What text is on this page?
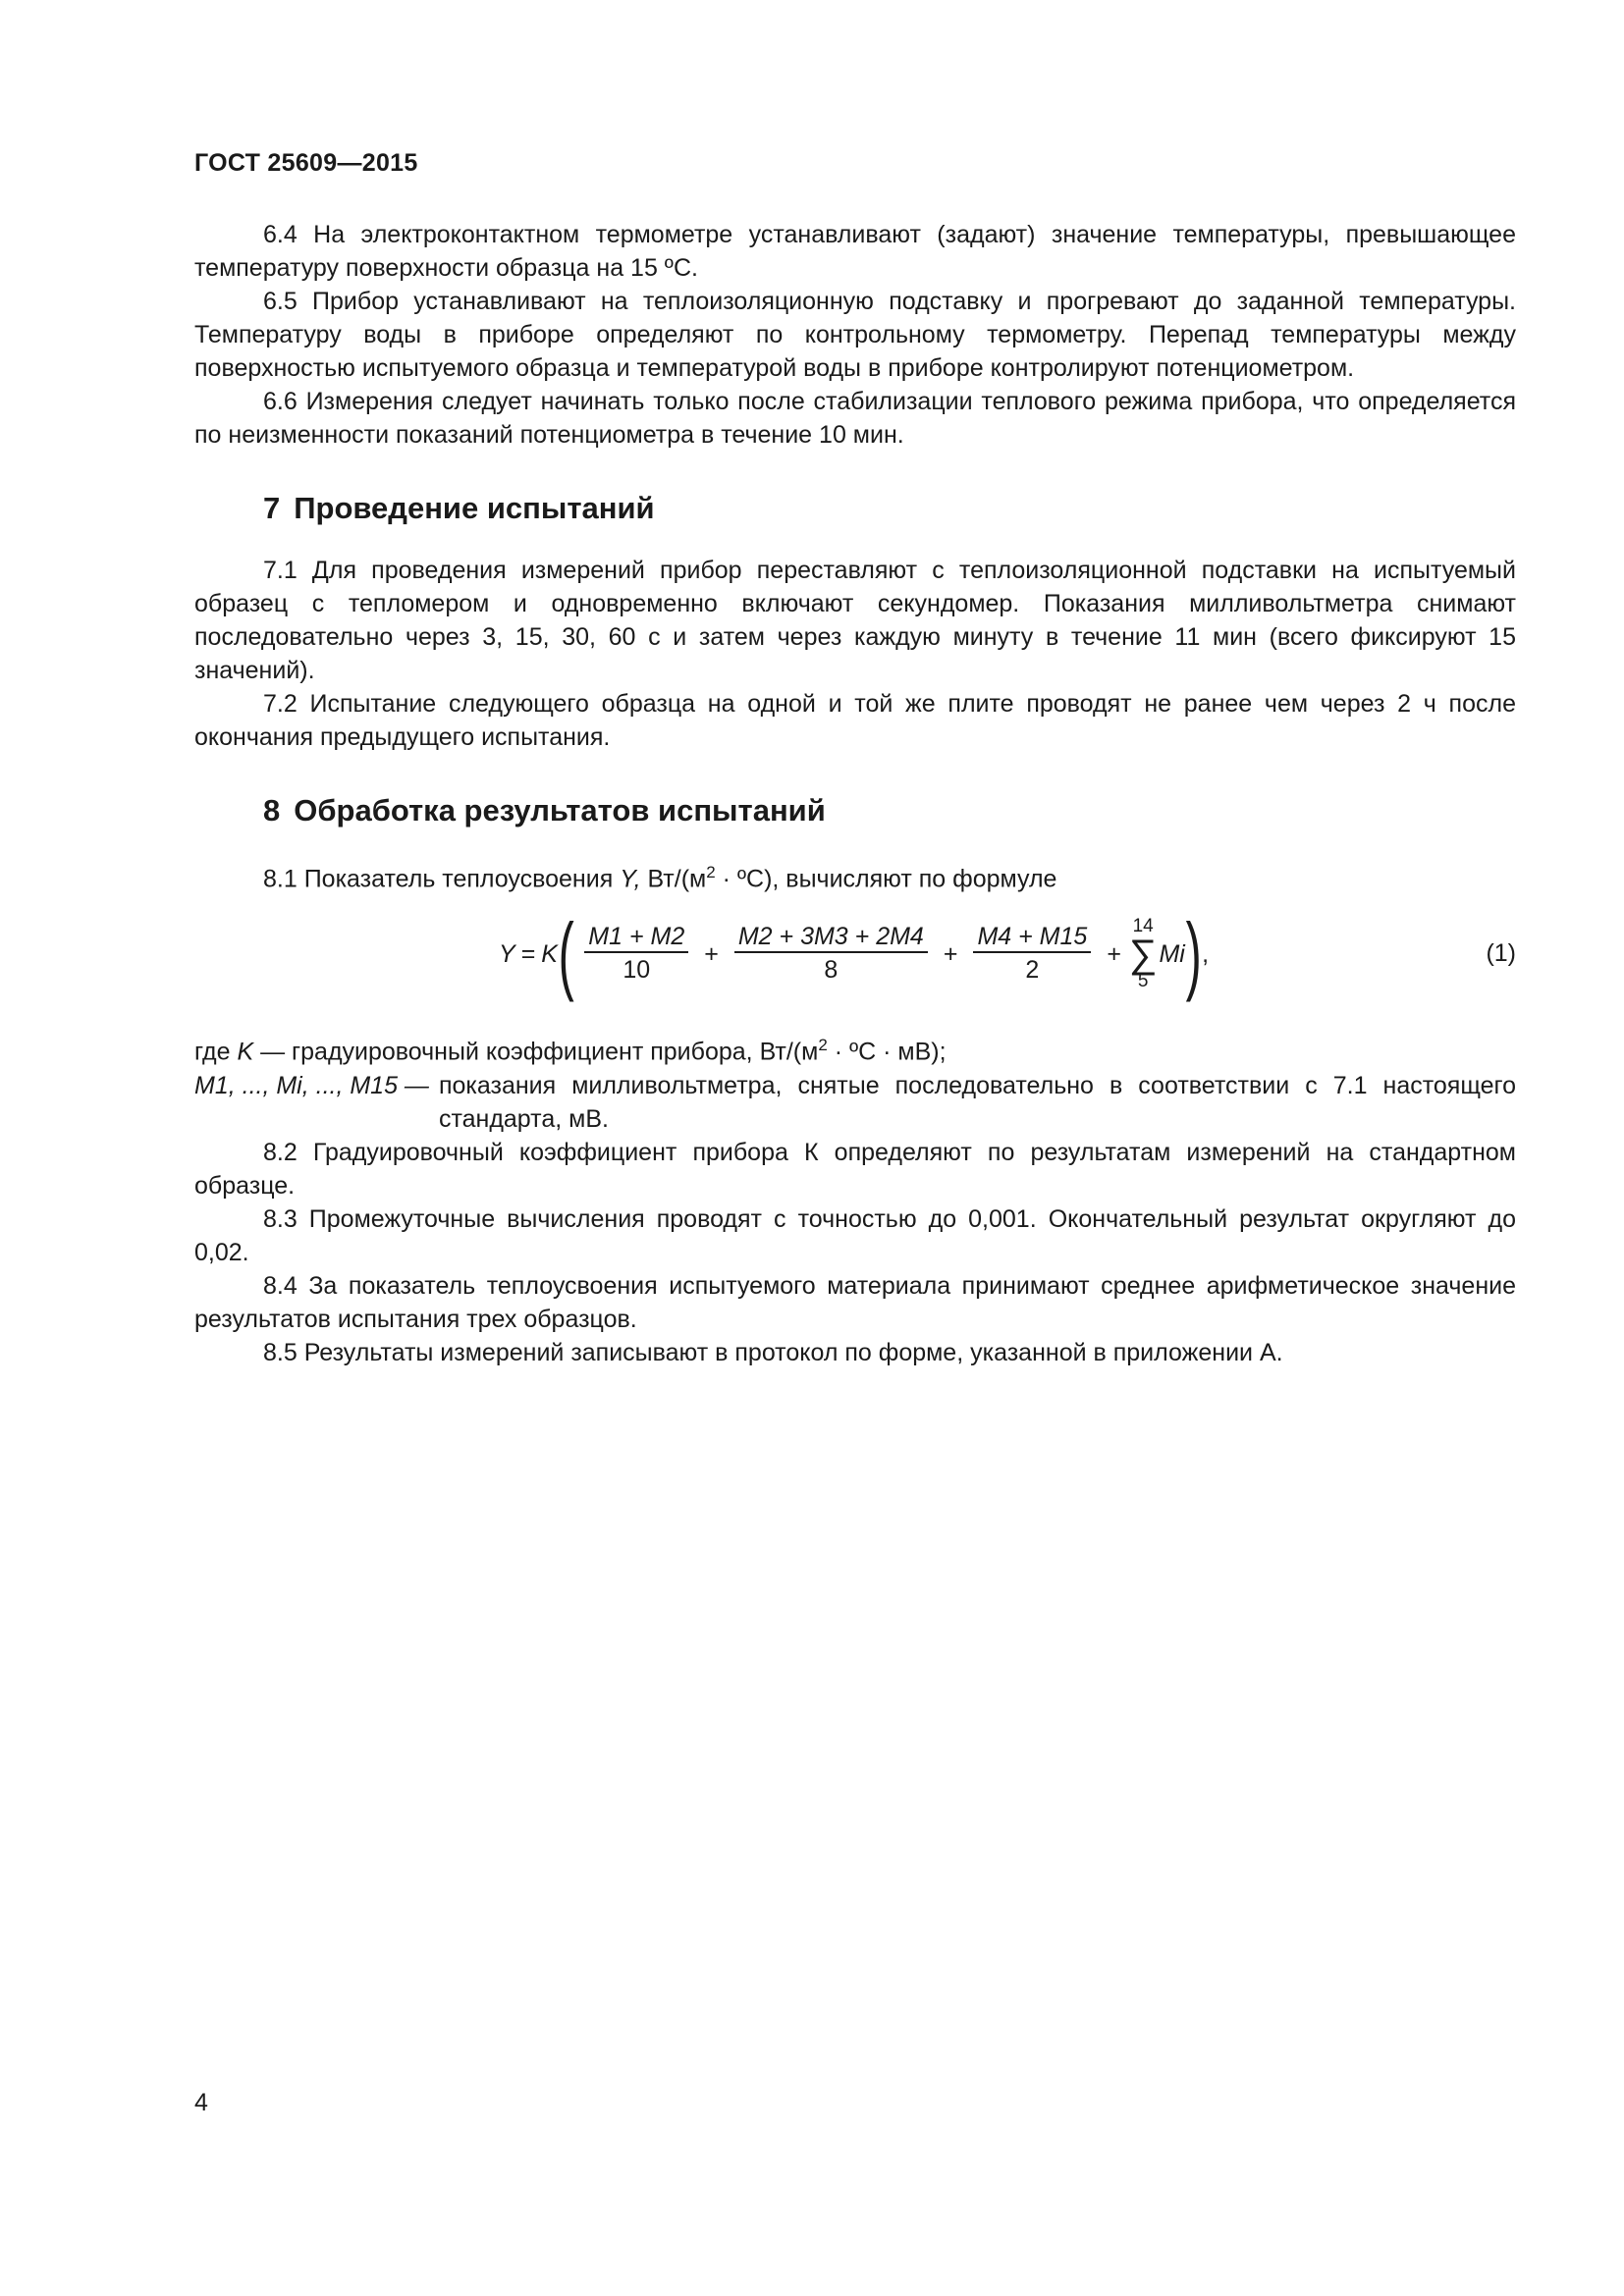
ГОСТ 25609—2015

6.4 На электроконтактном термометре устанавливают (задают) значение температуры, превышающее температуру поверхности образца на 15 ºС.

6.5 Прибор устанавливают на теплоизоляционную подставку и прогревают до заданной температуры. Температуру воды в приборе определяют по контрольному термометру. Перепад температуры между поверхностью испытуемого образца и температурой воды в приборе контролируют потенциометром.

6.6 Измерения следует начинать только после стабилизации теплового режима прибора, что определяется по неизменности показаний потенциометра в течение 10 мин.

7 Проведение испытаний

7.1 Для проведения измерений прибор переставляют с теплоизоляционной подставки на испытуемый образец с тепломером и одновременно включают секундомер. Показания милливольтметра снимают последовательно через 3, 15, 30, 60 с и затем через каждую минуту в течение 11 мин (всего фиксируют 15 значений).

7.2 Испытание следующего образца на одной и той же плите проводят не ранее чем через 2 ч после окончания предыдущего испытания.

8 Обработка результатов испытаний

8.1 Показатель теплоусвоения Y, $Вт/(м^2$ · ºС), вычисляют по формуле

Y = K ( $\frac{M1 + M2}{10} + \frac{M2 + 3M3 + 2M4}{8} + \frac{M4 + M15}{2}$ +
14
∑
5
Mi ) ,	(1)

где K — градуировочный коэффициент прибора, $Вт/(м^2$ · ºС · мВ);

M1, ..., Mi, ..., M15 — показания милливольтметра, снятые последовательно в соответствии с 7.1 настоящего стандарта, мВ.

8.2 Градуировочный коэффициент прибора К определяют по результатам измерений на стандартном образце.

8.3 Промежуточные вычисления проводят с точностью до 0,001. Окончательный результат округляют до 0,02.

8.4 За показатель теплоусвоения испытуемого материала принимают среднее арифметическое значение результатов испытания трех образцов.

8.5 Результаты измерений записывают в протокол по форме, указанной в приложении А.

4
